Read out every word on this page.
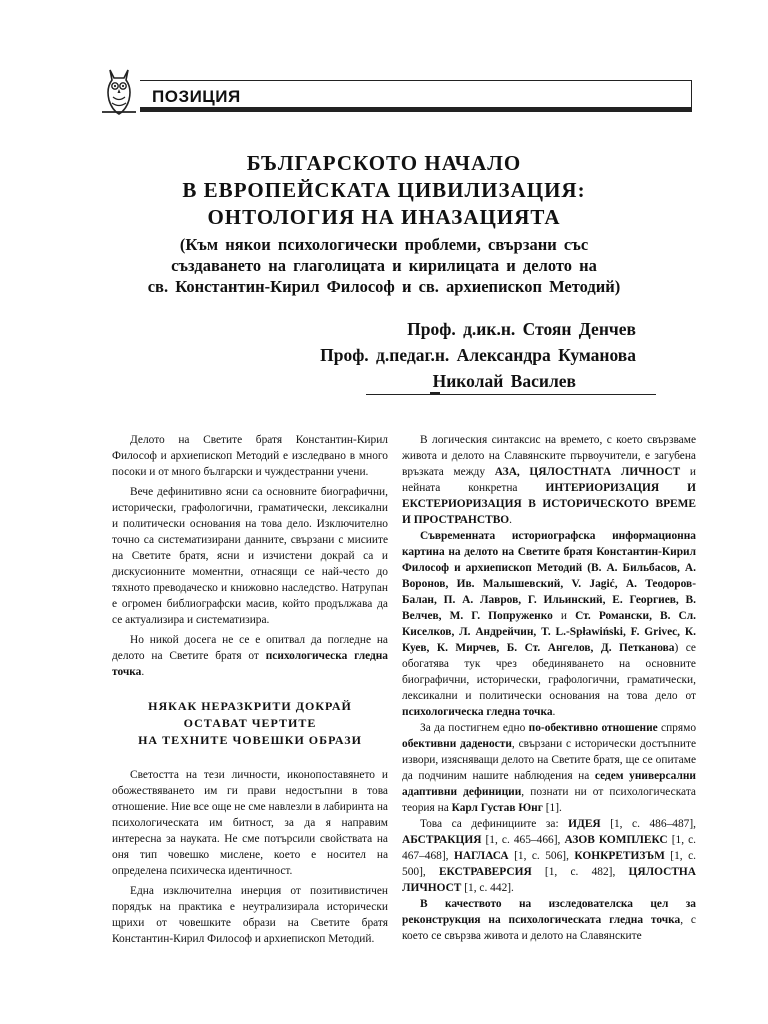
ПОЗИЦИЯ
БЪЛГАРСКОТО НАЧАЛО
В ЕВРОПЕЙСКАТА ЦИВИЛИЗАЦИЯ:
ОНТОЛОГИЯ НА ИНАЗАЦИЯТА
(Към някои психологически проблеми, свързани със
създаването на глаголицата и кирилицата и делото на
св. Константин-Кирил Философ и св. архиепископ Методий)
Проф. д.ик.н. Стоян Денчев
Проф. д.педаг.н. Александра Куманова
Николай Василев

Делото на Светите братя Константин-Кирил Философ и архиепископ Методий е изследвано в много посоки и от много български и чуждестранни учени.

Вече дефинитивно ясни са основните биографични, исторически, графологични, граматически, лексикални и политически основания на това дело. Изключително точно са систематизирани данните, свързани с мисиите на Светите братя, ясни и изчистени докрай са и дискусионните моментни, отнасящи се най-често до тяхното преводаческо и книжовно наследство. Натрупан е огромен библиографски масив, който продължава да се актуализира и систематизира.

Но никой досега не се е опитвал да погледне на делото на Светите братя от психологическа гледна точка.

НЯКАК НЕРАЗКРИТИ ДОКРАЙ
ОСТАВАТ ЧЕРТИТЕ
НА ТЕХНИТЕ ЧОВЕШКИ ОБРАЗИ

Светостта на тези личности, иконопоставянето и обожествяването им ги прави недостъпни в това отношение. Ние все още не сме навлезли в лабиринта на психологическата им битност, за да я направим интересна за науката. Не сме потърсили свойствата на оня тип човешко мислене, което е носител на определена психическа идентичност.

Една изключителна инерция от позитивистичен порядък на практика е неутрализирала исторически щрихи от човешките образи на Светите братя Константин-Кирил Философ и архиепископ Методий.

В логическия синтаксис на времето, с което свързваме живота и делото на Славянските първоучители, е загубена връзката между АЗА, ЦЯЛОСТНАТА ЛИЧНОСТ и нейната конкретна ИНТЕРИОРИЗАЦИЯ И ЕКСТЕРИОРИЗАЦИЯ В ИСТОРИЧЕСКОТО ВРЕМЕ И ПРОСТРАНСТВО.

Съвременната историографска информационна картина на делото на Светите братя Константин-Кирил Философ и архиепископ Методий (В. А. Бильбасов, А. Воронов, Ив. Малышевский, V. Jagić, А. Теодоров-Балан, П. А. Лавров, Г. Ильинский, Е. Георгиев, В. Велчев, М. Г. Попруженко и Ст. Романски, В. Сл. Киселков, Л. Андрейчин, T. L.-Spławiński, F. Grivec, К. Куев, К. Мирчев, Б. Ст. Ангелов, Д. Петканова) се обогатява тук чрез обединяването на основните биографични, исторически, графологични, граматически, лексикални и политически основания на това дело от психологическа гледна точка.

За да постигнем едно по-обективно отношение спрямо обективни дадености, свързани с исторически достъпните извори, изясняващи делото на Светите братя, ще се опитаме да подчиним нашите наблюдения на седем универсални адаптивни дефиниции, познати ни от психологическата теория на Карл Густав Юнг [1].

Това са дефинициите за: ИДЕЯ [1, с. 486–487], АБСТРАКЦИЯ [1, с. 465–466], АЗОВ КОМПЛЕКС [1, с. 467–468], НАГЛАСА [1, с. 506], КОНКРЕТИЗЪМ [1, с. 500], ЕКСТРАВЕРСИЯ [1, с. 482], ЦЯЛОСТНА ЛИЧНОСТ [1, с. 442].

В качеството на изследователска цел за реконструкция на психологическата гледна точка, с което се свързва живота и делото на Славянските
